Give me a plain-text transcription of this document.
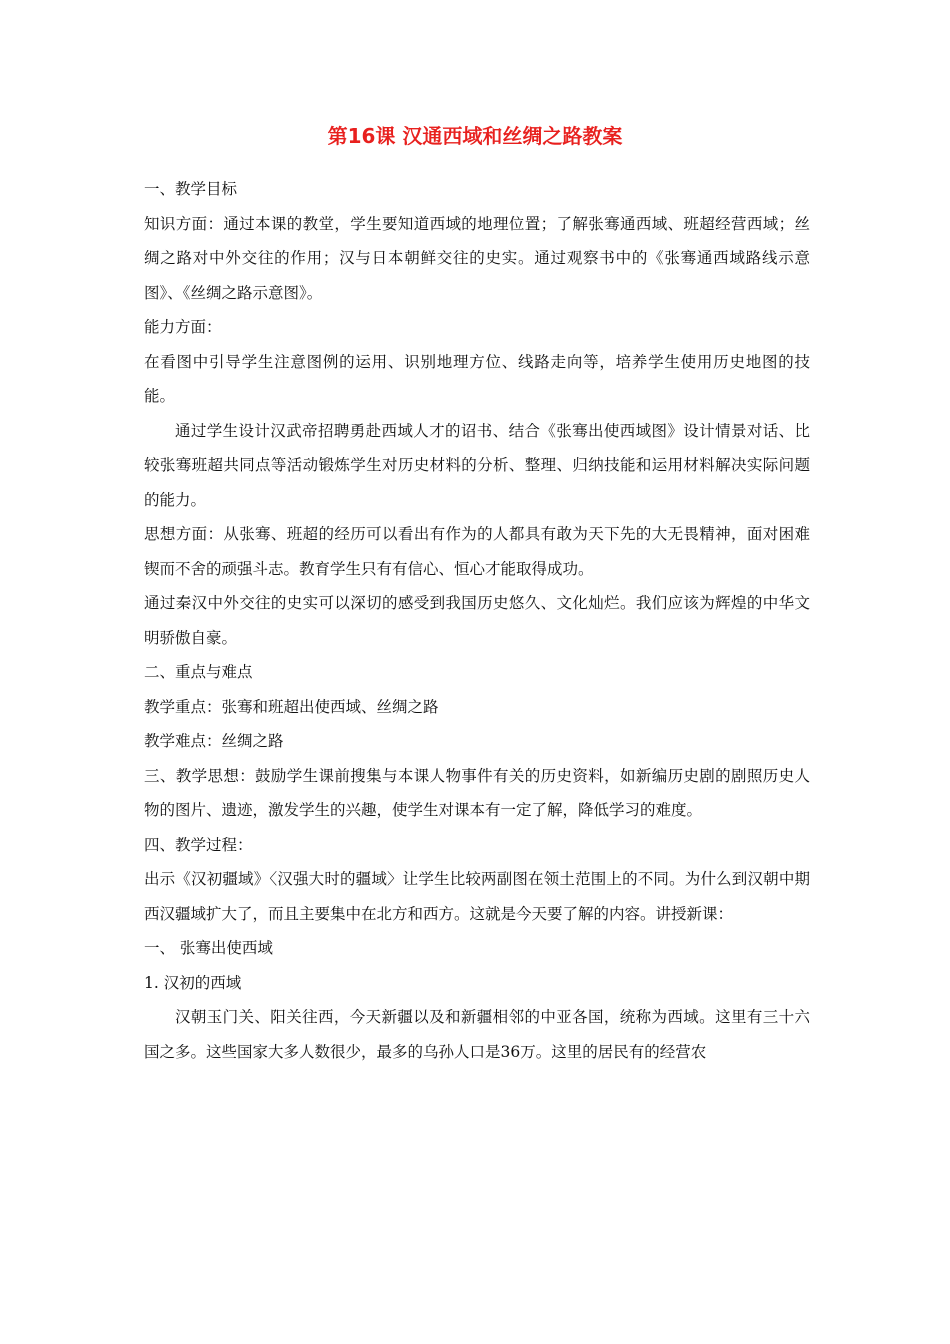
第16课 汉通西域和丝绸之路教案

一、教学目标

知识方面：通过本课的教堂，学生要知道西域的地理位置；了解张骞通西域、班超经营西域；丝绸之路对中外交往的作用；汉与日本朝鲜交往的史实。通过观察书中的《张骞通西域路线示意图》、《丝绸之路示意图》。

能力方面：

在看图中引导学生注意图例的运用、识别地理方位、线路走向等，培养学生使用历史地图的技能。

通过学生设计汉武帝招聘勇赴西域人才的诏书、结合《张骞出使西域图》设计情景对话、比较张骞班超共同点等活动锻炼学生对历史材料的分析、整理、归纳技能和运用材料解决实际问题的能力。

思想方面：从张骞、班超的经历可以看出有作为的人都具有敢为天下先的大无畏精神，面对困难锲而不舍的顽强斗志。教育学生只有有信心、恒心才能取得成功。

通过秦汉中外交往的史实可以深切的感受到我国历史悠久、文化灿烂。我们应该为辉煌的中华文明骄傲自豪。

二、重点与难点

教学重点：张骞和班超出使西域、丝绸之路

教学难点：丝绸之路

三、教学思想：鼓励学生课前搜集与本课人物事件有关的历史资料，如新编历史剧的剧照历史人物的图片、遗迹，激发学生的兴趣，使学生对课本有一定了解，降低学习的难度。

四、教学过程：

出示《汉初疆域》〈汉强大时的疆域〉让学生比较两副图在领土范围上的不同。为什么到汉朝中期西汉疆域扩大了，而且主要集中在北方和西方。这就是今天要了解的内容。讲授新课：

一、 张骞出使西域

1. 汉初的西域

汉朝玉门关、阳关往西，今天新疆以及和新疆相邻的中亚各国，统称为西域。这里有三十六国之多。这些国家大多人数很少，最多的乌孙人口是36万。这里的居民有的经营农
